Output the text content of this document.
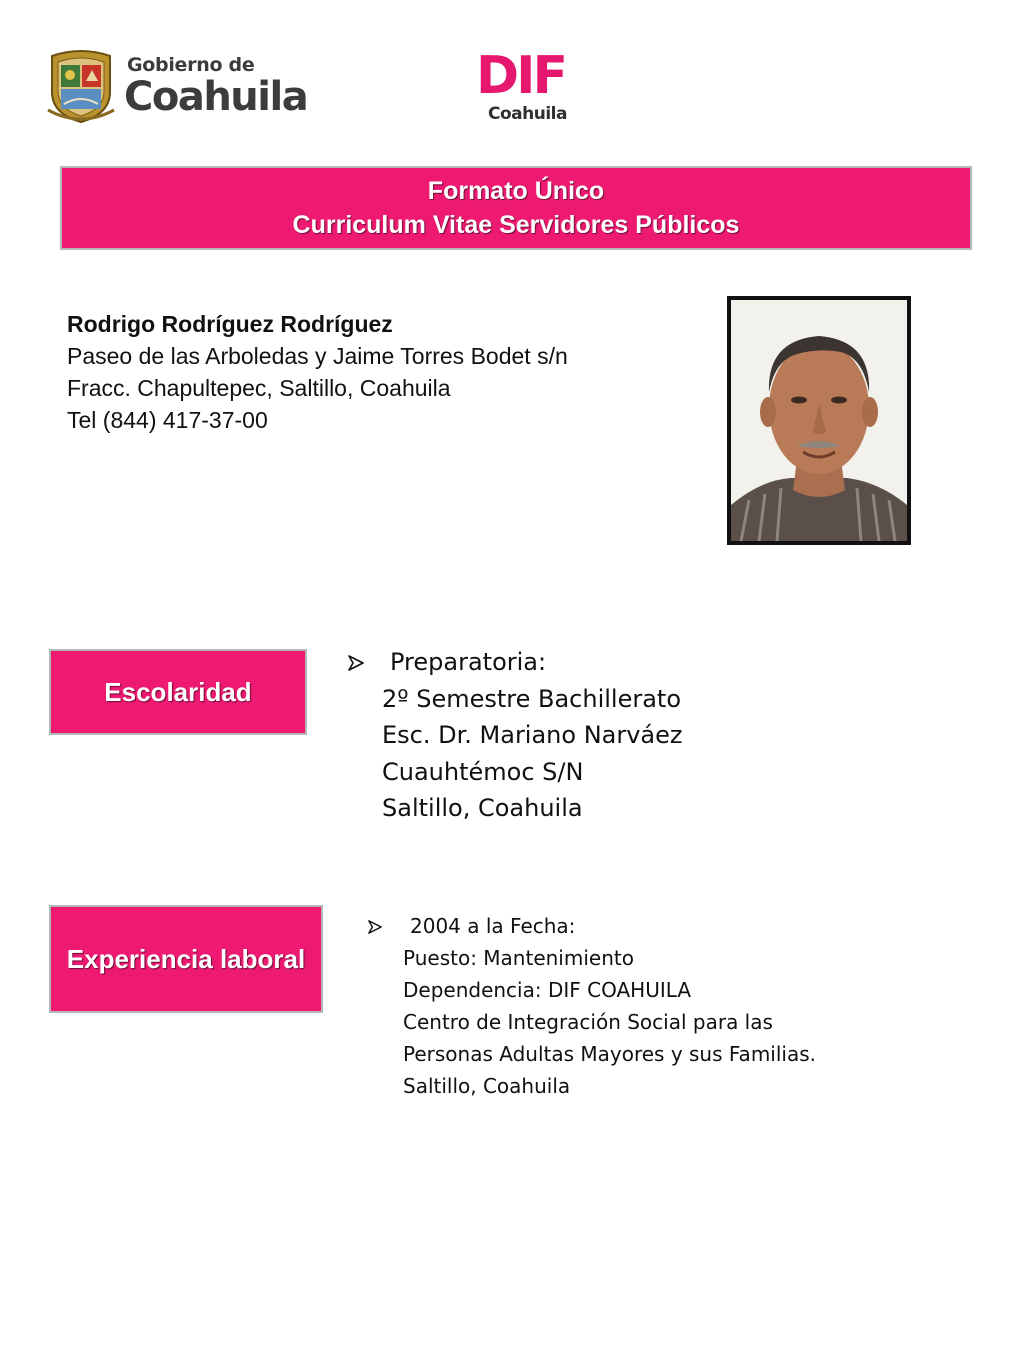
Gobierno de
Coahuila	DIF
Coahuila
Formato Único
Curriculum Vitae Servidores Públicos
Rodrigo Rodríguez Rodríguez
Paseo de las Arboledas y Jaime Torres Bodet s/n
Fracc. Chapultepec, Saltillo, Coahuila
Tel (844) 417-37-00
Escolaridad
Preparatoria:
2º Semestre Bachillerato
Esc. Dr. Mariano Narváez
Cuauhtémoc S/N
Saltillo, Coahuila
Experiencia laboral
2004 a la Fecha:
Puesto: Mantenimiento
Dependencia: DIF COAHUILA
Centro de Integración Social para las
Personas Adultas Mayores y sus Familias.
Saltillo, Coahuila
